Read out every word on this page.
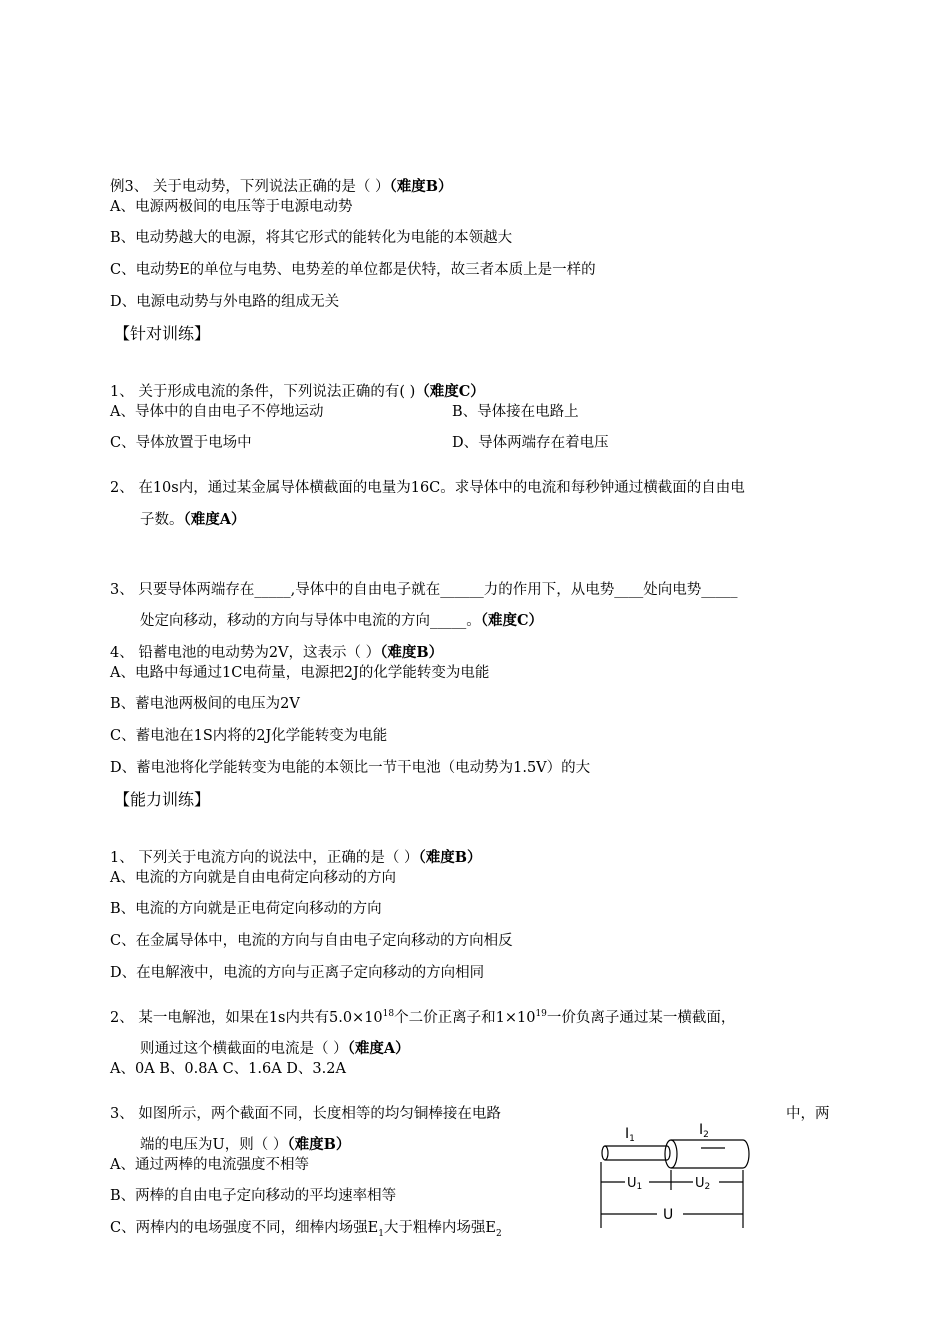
例3、 关于电动势，下列说法正确的是（ ）（难度B）
A、电源两极间的电压等于电源电动势
B、电动势越大的电源，将其它形式的能转化为电能的本领越大
C、电动势E的单位与电势、电势差的单位都是伏特，故三者本质上是一样的
D、电源电动势与外电路的组成无关
【针对训练】
1、 关于形成电流的条件，下列说法正确的有( )（难度C）
A、导体中的自由电子不停地运动	B、导体接在电路上
C、导体放置于电场中	D、导体两端存在着电压
2、 在10s内，通过某金属导体横截面的电量为16C。求导体中的电流和每秒钟通过横截面的自由电
子数。（难度A）
3、 只要导体两端存在_____,导体中的自由电子就在______力的作用下，从电势____处向电势_____
处定向移动，移动的方向与导体中电流的方向_____。（难度C）
4、 铅蓄电池的电动势为2V，这表示（ ）（难度B）
A、电路中每通过1C电荷量，电源把2J的化学能转变为电能
B、蓄电池两极间的电压为2V
C、蓄电池在1S内将的2J化学能转变为电能
D、蓄电池将化学能转变为电能的本领比一节干电池（电动势为1.5V）的大
【能力训练】
1、 下列关于电流方向的说法中，正确的是（ ）（难度B）
A、电流的方向就是自由电荷定向移动的方向
B、电流的方向就是正电荷定向移动的方向
C、在金属导体中，电流的方向与自由电子定向移动的方向相反
D、在电解液中，电流的方向与正离子定向移动的方向相同
2、 某一电解池，如果在1s内共有$5.0\times 10^{18}$个二价正离子和$1\times 10^{19}$一价负离子通过某一横截面，
则通过这个横截面的电流是（ ）（难度A）
A、0A B、0.8A C、1.6A D、3.2A
3、 如图所示，两个截面不同，长度相等的均匀铜棒接在电路	中，两
端的电压为U，则（ ）（难度B）
A、通过两棒的电流强度不相等
B、两棒的自由电子定向移动的平均速率相等
C、两棒内的电场强度不同，细棒内场强$E_1$大于粗棒内场强$E_2$
$I_1$
$I_2$
U1	U2
U
